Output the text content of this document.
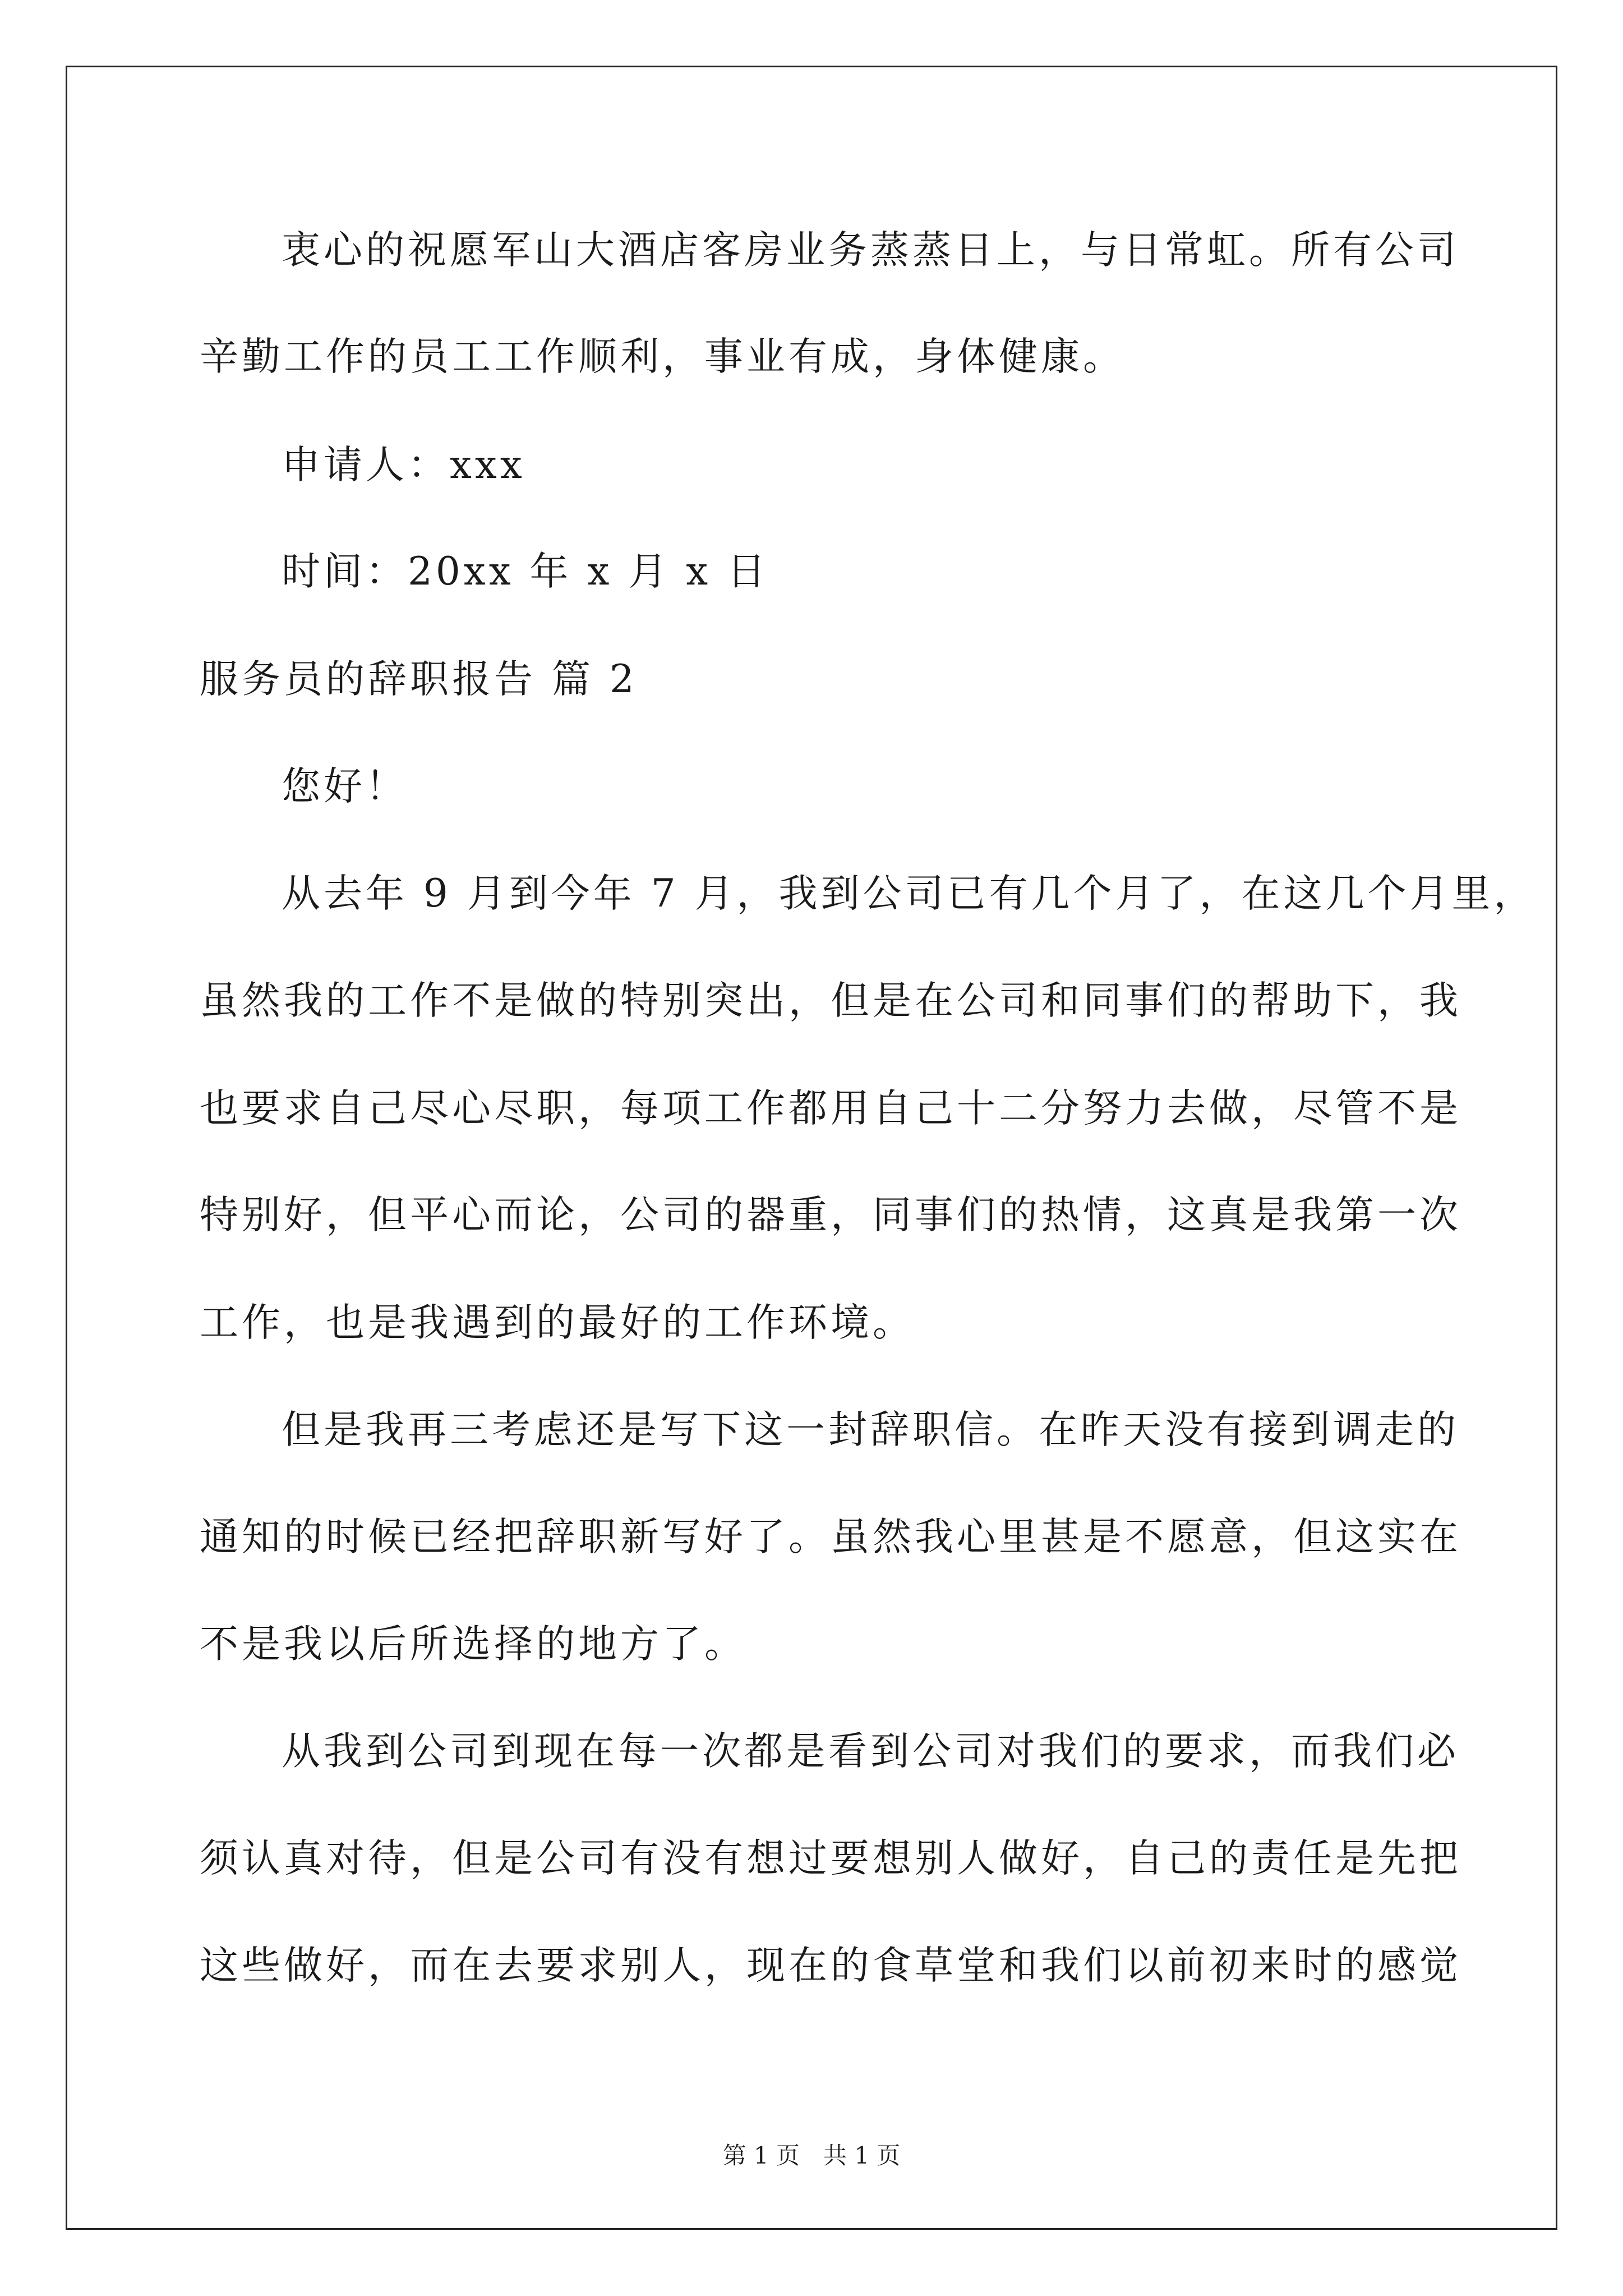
衷心的祝愿军山大酒店客房业务蒸蒸日上，与日常虹。所有公司
辛勤工作的员工工作顺利，事业有成，身体健康。
申请人：xxx
时间：20xx 年 x 月 x 日
服务员的辞职报告 篇 2
您好！
从去年 9 月到今年 7 月，我到公司已有几个月了，在这几个月里，
虽然我的工作不是做的特别突出，但是在公司和同事们的帮助下，我
也要求自己尽心尽职，每项工作都用自己十二分努力去做，尽管不是
特别好，但平心而论，公司的器重，同事们的热情，这真是我第一次
工作，也是我遇到的最好的工作环境。
但是我再三考虑还是写下这一封辞职信。在昨天没有接到调走的
通知的时候已经把辞职新写好了。虽然我心里甚是不愿意，但这实在
不是我以后所选择的地方了。
从我到公司到现在每一次都是看到公司对我们的要求，而我们必
须认真对待，但是公司有没有想过要想别人做好，自己的责任是先把
这些做好，而在去要求别人，现在的食草堂和我们以前初来时的感觉
第 1 页　共 1 页
